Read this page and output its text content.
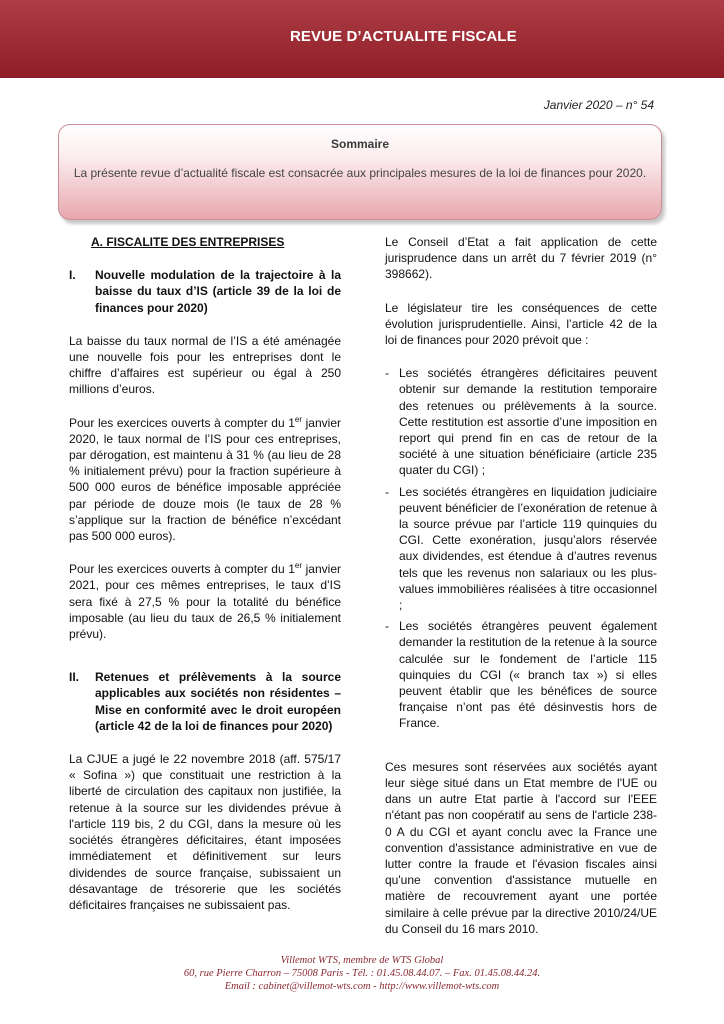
REVUE D’ACTUALITE FISCALE
Janvier 2020 – n° 54
Sommaire
La présente revue d’actualité fiscale est consacrée aux principales mesures de la loi de finances pour 2020.
A. FISCALITE DES ENTREPRISES
I.	Nouvelle modulation de la trajectoire à la baisse du taux d’IS (article 39 de la loi de finances pour 2020)

La baisse du taux normal de l’IS a été aménagée une nouvelle fois pour les entreprises dont le chiffre d’affaires est supérieur ou égal à 250 millions d’euros.

Pour les exercices ouverts à compter du 1er janvier 2020, le taux normal de l’IS pour ces entreprises, par dérogation, est maintenu à 31 % (au lieu de 28 % initialement prévu) pour la fraction supérieure à 500 000 euros de bénéfice imposable appréciée par période de douze mois (le taux de 28 % s’applique sur la fraction de bénéfice n’excédant pas 500 000 euros).

Pour les exercices ouverts à compter du 1er janvier 2021, pour ces mêmes entreprises, le taux d’IS sera fixé à 27,5 % pour la totalité du bénéfice imposable (au lieu du taux de 26,5 % initialement prévu).

II.	Retenues et prélèvements à la source applicables aux sociétés non résidentes – Mise en conformité avec le droit européen (article 42 de la loi de finances pour 2020)

La CJUE a jugé le 22 novembre 2018 (aff. 575/17 « Sofina ») que constituait une restriction à la liberté de circulation des capitaux non justifiée, la retenue à la source sur les dividendes prévue à l'article 119 bis, 2 du CGI, dans la mesure où les sociétés étrangères déficitaires, étant imposées immédiatement et définitivement sur leurs dividendes de source française, subissaient un désavantage de trésorerie que les sociétés déficitaires françaises ne subissaient pas.

Le Conseil d’Etat a fait application de cette jurisprudence dans un arrêt du 7 février 2019 (n° 398662).

Le législateur tire les conséquences de cette évolution jurisprudentielle. Ainsi, l’article 42 de la loi de finances pour 2020 prévoit que :

- Les sociétés étrangères déficitaires peuvent obtenir sur demande la restitution temporaire des retenues ou prélèvements à la source. Cette restitution est assortie d’une imposition en report qui prend fin en cas de retour de la société à une situation bénéficiaire (article 235 quater du CGI) ;
- Les sociétés étrangères en liquidation judiciaire peuvent bénéficier de l’exonération de retenue à la source prévue par l’article 119 quinquies du CGI. Cette exonération, jusqu’alors réservée aux dividendes, est étendue à d’autres revenus tels que les revenus non salariaux ou les plus-values immobilières réalisées à titre occasionnel ;
- Les sociétés étrangères peuvent également demander la restitution de la retenue à la source calculée sur le fondement de l’article 115 quinquies du CGI (« branch tax ») si elles peuvent établir que les bénéfices de source française n’ont pas été désinvestis hors de France.

Ces mesures sont réservées aux sociétés ayant leur siège situé dans un Etat membre de l'UE ou dans un autre Etat partie à l'accord sur l'EEE n'étant pas non coopératif au sens de l'article 238-0 A du CGI et ayant conclu avec la France une convention d'assistance administrative en vue de lutter contre la fraude et l'évasion fiscales ainsi qu'une convention d'assistance mutuelle en matière de recouvrement ayant une portée similaire à celle prévue par la directive 2010/24/UE du Conseil du 16 mars 2010.

Villemot WTS, membre de WTS Global
60, rue Pierre Charron – 75008 Paris - Tél. : 01.45.08.44.07. – Fax. 01.45.08.44.24.
Email : cabinet@villemot-wts.com - http://www.villemot-wts.com
